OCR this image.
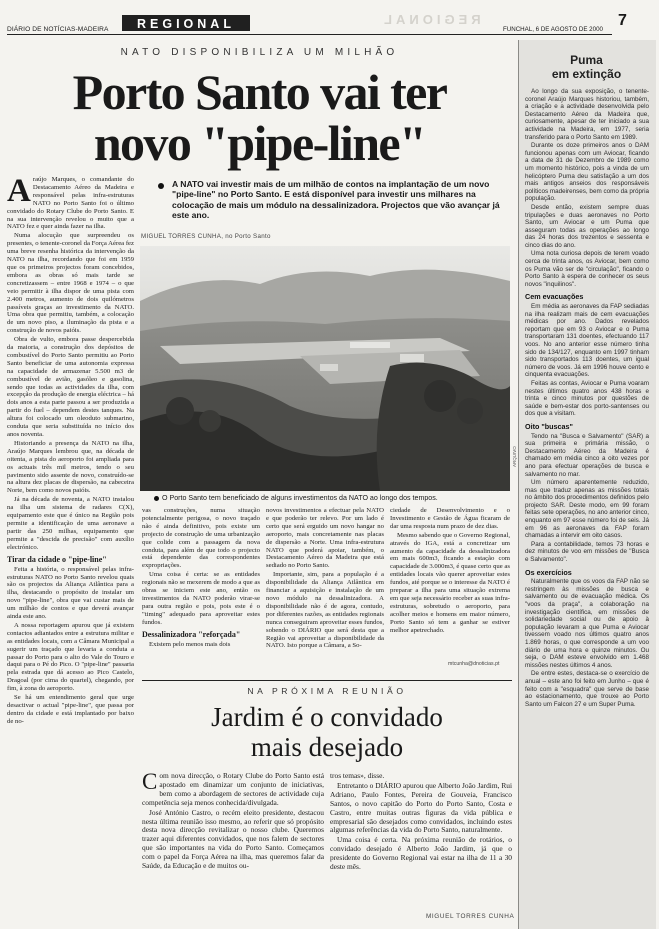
DIÁRIO DE NOTÍCIAS-MADEIRA	REGIONAL	REGIONAL
FUNCHAL, 6 DE AGOSTO DE 2000
7
NATO DISPONIBILIZA UM MILHÃO
Porto Santo vai ter
novo "pipe-line"
A NATO vai investir mais de um milhão de contos na implantação de um novo "pipe-line" no Porto Santo. E está disponível para investir uns milhares na colocação de mais um módulo na dessalinizadora. Projectos que vão avançar já este ano.
MIGUEL TORRES CUNHA, no Porto Santo
ARQUIVO
O Porto Santo tem beneficiado de alguns investimentos da NATO ao longo dos tempos.
A raújo Marques, o comandante do Destacamento Aéreo da Madeira e responsável pelas infra-estruturas NATO no Porto Santo foi o último convidado do Rotary Clube do Porto Santo. E na sua intervenção revelou o muito que a NATO fez e quer ainda fazer na ilha.

Numa alocução que surpreendeu os presentes, o tenente-coronel da Força Aérea fez uma breve resenha histórica da intervenção da NATO na ilha, recordando que foi em 1959 que os primeiros projectos foram concebidos, embora as obras só mais tarde se concretizassem – entre 1968 e 1974 – o que veio permitir à ilha dispor de uma pista com 2.400 metros, aumento de dois quilómetros passíveis graças ao investimento da NATO. Uma obra que permitiu, também, a colocação de um novo piso, a iluminação da pista e a construção de novos paióis.

Obra de vulto, embora passe despercebida da maioria, a construção dos depósitos de combustível do Porto Santo permitiu ao Porto Santo beneficiar de uma autonomia expressa na capacidade de armazenar 5.500 m3 de combustível de avião, gasóleo e gasolina, sendo que todas as actividades da ilha, com excepção da produção de energia eléctrica – há dois anos a esta parte passou a ser produzida a partir do fuel – dependem destes tanques. Na altura foi colocado um oleoduto submarino, conduta que seria substituída no início dos anos noventa.

Historiando a presença da NATO na ilha, Araújo Marques lembrou que, na década de oitenta, a pista do aeroporto foi ampliada para os actuais três mil metros, tendo o seu pavimento sido assente de novo, construído-se na altura dez placas de dispersão, na cabeceira Norte, bem como novos paióis.

Já na década de noventa, a NATO instalou na ilha um sistema de radares C(X), equipamento este que é único na Região pois permite a identificação de uma aeronave a partir das 250 milhas, equipamento que permite a "descida de precisão" com auxílio electrónico.

Tirar da cidade o "pipe-line"

Feita a história, o responsável pelas infra-estruturas NATO no Porto Santo revelou quais são os projectos da Aliança Atlântica para a ilha, destacando o propósito de instalar um novo "pipe-line", obra que vai custar mais de um milhão de contos e que deverá avançar ainda este ano.

A nossa reportagem apurou que já existem contactos adiantados entre a estrutura militar e as entidades locais, com a Câmara Municipal a sugerir um traçado que levaria a conduta a passar do Porto para o alto do Vale do Touro e daqui para o Pé do Pico. O "pipe-line" passaria pela estrada que dá acesso ao Pico Castelo, Dragoal (por cima do quartel), chegando, por fim, à zona do aeroporto.

Se há um entendimento geral que urge desactivar o actual "pipe-line", que passa por dentro da cidade e está implantado por baixo de no-

vas construções, numa situação potencialmente perigosa, o novo traçado não é ainda definitivo, pois existe um projecto de construção de uma urbanização que colide com a passagem da nova conduta, para além de que todo o projecto está dependente das correspondentes expropriações.

Uma coisa é certa: se as entidades regionais não se mexerem de modo a que as obras se iniciem este ano, então os investimentos da NATO poderão virar-se para outra região e pois, pois este é o "timing" adequado para aproveitar estes fundos.

Dessalinizadora "reforçada"

Existem pelo menos mais dois

novos investimentos a efectuar pela NATO e que poderão ter relevo. Por um lado é certo que será erguido um novo hangar no aeroporto, mais concretamente nas placas de dispersão a Norte. Uma infra-estrutura NATO que poderá apoiar, também, o Destacamento Aéreo da Madeira que está sediado no Porto Santo.

Importante, sim, para a população é a disponibilidade da Aliança Atlântica em financiar a aquisição e instalação de um novo módulo na dessalinizadora. A disponibilidade não é de agora, contudo, por diferentes razões, as entidades regionais nunca conseguiram aproveitar esses fundos, sobendo o DIÁRIO que será desta que a Região vai aproveitar a disponibilidade da NATO. Isto porque a Câmara, a So-

ciedade de Desenvolvimento e o Investimento e Gestão de Água ficaram de dar uma resposta num prazo de dez dias.

Mesmo sabendo que o Governo Regional, através do IGA, está a concretizar um aumento da capacidade da dessalinizadora em mais 600m3, ficando a estação com capacidade de 3.000m3, é quase certo que as entidades locais vão querer aproveitar estes fundos, até porque se o interesse da NATO é preparar a ilha para uma situação extrema em que seja necessário receber as suas infra-estruturas, sobretudo o aeroporto, para acolher meios e homens em maior número, Porto Santo só tem a ganhar se estiver melhor apetrechado.

mtcunha@dnoticias.pt
NA PRÓXIMA REUNIÃO
Jardim é o convidado
mais desejado
C om nova direcção, o Rotary Clube do Porto Santo está apostado em dinamizar um conjunto de iniciativas, bem como a abordagem de sectores de actividade cuja competência seja menos conhecida/divulgada.

José António Castro, o recém eleito presidente, destacou nesta última reunião isso mesmo, ao referir que só propósito desta nova direcção revitalizar o nosso clube. Queremos trazer aqui diferentes convidados, que nos falem de sectores que são importantes na vida do Porto Santo. Começamos com o papel da Força Aérea na ilha, mas queremos falar da Saúde, da Educação e de muitos ou-

tros temas», disse.

Entretanto o DIÁRIO apurou que Alberto João Jardim, Rui Adriano, Paulo Fontes, Pereira de Gouveia, Francisco Santos, o novo capitão do Porto do Porto Santo, Costa e Castro, entre muitas outras figuras da vida pública e empresarial são desejados como convidados, incluindo estes algumas referências da vida do Porto Santo, naturalmente.

Uma coisa é certa. Na próxima reunião de rotários, o convidado desejado é Alberto João Jardim, já que o presidente do Governo Regional vai estar na ilha de 11 a 30 deste mês.

MIGUEL TORRES CUNHA
Puma
em extinção

Ao longo da sua exposição, o tenente-coronel Araújo Marques historiou, também, a criação e a actividade desenvolvida pelo Destacamento Aéreo da Madeira que, curiosamente, apesar de ter iniciado a sua actividade na Madeira, em 1977, seria transferido para o Porto Santo em 1989.

Durante os doze primeiros anos o DAM funcionou apenas com um Aviocar, ficando a data de 31 de Dezembro de 1989 como um momento histórico, pois a vinda de um helicóptero Puma deu satisfação a um dos mais antigos anseios dos responsáveis políticos madeirenses, bem como da própria população.

Desde então, existem sempre duas tripulações e duas aeronaves no Porto Santo, um Aviocar e um Puma que asseguram todas as operações ao longo das 24 horas dos trezentos e sessenta e cinco dias do ano.

Uma nota curiosa depois de terem voado cerca de trinta anos, os Aviocar, bem como os Puma vão ser de "circulação", ficando o Porto Santo à espera de conhecer os seus novos "inquilinos".

Cem evacuações

Em média as aeronaves da FAP sediadas na ilha realizam mais de cem evacuações médicas por ano. Dados revelados reportam que em 93 o Aviocar e o Puma transportaram 131 doentes, efectuando 117 voos. No ano anterior esse número tinha sido de 134/127, enquanto em 1997 tinham sido transportados 113 doentes, um igual número de voos. Já em 1996 houve cento e cinquenta evacuações.

Feitas as contas, Aviocar e Puma voaram nestes últimos quatro anos 438 horas e trinta e cinco minutos por questões de saúde e bem-estar dos porto-santenses ou dos que a visitam.

Oito "buscas"

Tendo na "Busca e Salvamento" (SAR) a sua primeira e primária missão, o Destacamento Aéreo da Madeira é chamado em média cinco a oito vezes por ano para efectuar operações de busca e salvamento no mar.

Um número aparentemente reduzido, mas que traduz apenas as missões totais no âmbito dos procedimentos definidos pelo projecto SAR. Deste modo, em 99 foram feitas sete operações, no ano anterior cinco, enquanto em 97 esse número foi de seis. Já em 96 as aeronaves da FAP foram chamadas a intervir em oito casos.

Para a contabilidade, temos 73 horas e dez minutos de voo em missões de "Busca e Salvamento".

Os exercícios

Naturalmente que os voos da FAP não se restringem às missões de busca e salvamento ou de evacuação médica. Os "voos da praça", a colaboração na investigação científica, em missões de solidariedade social ou de apoio à população levaram a que Puma e Aviocar tivessem voado nos últimos quatro anos 1.869 horas, o que corresponde a um voo diário de uma hora e quinze minutos. Ou seja, o DAM esteve envolvido em 1.468 missões nestes últimos 4 anos.

De entre estes, destaca-se o exercício de anual – este ano foi feito em Junho – que é feito com a "esquadra" que serve de base ao estacionamento, que trouxe ao Porto Santo um Falcon 27 e um Super Puma.
